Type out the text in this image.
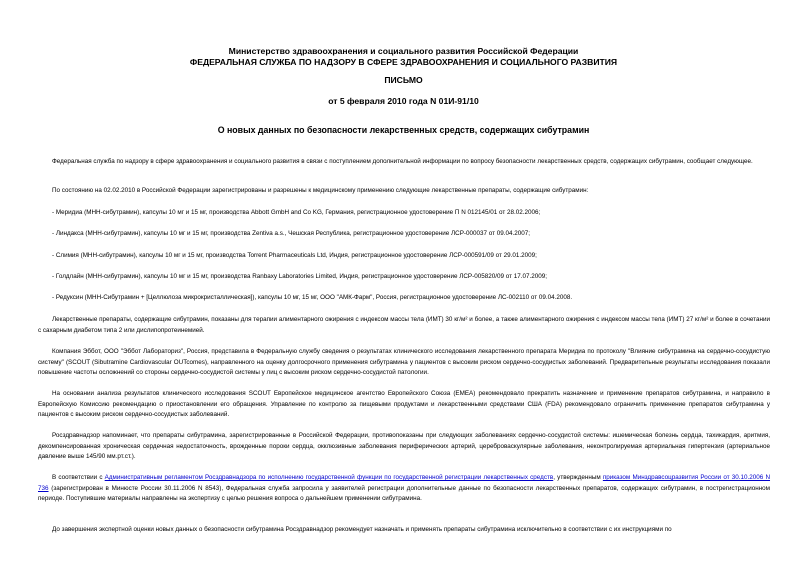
Министерство здравоохранения и социального развития Российской Федерации
ФЕДЕРАЛЬНАЯ СЛУЖБА ПО НАДЗОРУ В СФЕРЕ ЗДРАВООХРАНЕНИЯ И СОЦИАЛЬНОГО РАЗВИТИЯ
ПИСЬМО
от 5 февраля 2010 года N 01И-91/10
О новых данных по безопасности лекарственных средств, содержащих сибутрамин
Федеральная служба по надзору в сфере здравоохранения и социального развития в связи с поступлением дополнительной информации по вопросу безопасности лекарственных средств, содержащих сибутрамин, сообщает следующее.
По состоянию на 02.02.2010 в Российской Федерации зарегистрированы и разрешены к медицинскому применению следующие лекарственные препараты, содержащие сибутрамин:
- Меридиа (МНН-сибутрамин), капсулы 10 мг и 15 мг, производства Abbott GmbH and Co KG, Германия, регистрационное удостоверение П N 012145/01 от 28.02.2006;
- Линдакса (МНН-сибутрамин), капсулы 10 мг и 15 мг, производства Zentiva a.s., Чешская Республика, регистрационное удостоверение ЛСР-000037 от 09.04.2007;
- Слимия (МНН-сибутрамин), капсулы 10 мг и 15 мг, производства Torrent Pharmaceuticals Ltd, Индия, регистрационное удостоверение ЛСР-000591/09 от 29.01.2009;
- Голдлайн (МНН-сибутрамин), капсулы 10 мг и 15 мг, производства Ranbaxy Laboratories Limited, Индия, регистрационное удостоверение ЛСР-005820/09 от 17.07.2009;
- Редуксин (МНН-Сибутрамин + [Целлюлоза микрокристаллическая]), капсулы 10 мг, 15 мг, ООО "АМК-Фарм", Россия, регистрационное удостоверение ЛС-002110 от 09.04.2008.
Лекарственные препараты, содержащие сибутрамин, показаны для терапии алиментарного ожирения с индексом массы тела (ИМТ) 30 кг/м² и более, а также алиментарного ожирения с индексом массы тела (ИМТ) 27 кг/м² и более в сочетании с сахарным диабетом типа 2 или дислипопротеинемией.
Компания Эббот, ООО "Эббот Лабораториз", Россия, представила в Федеральную службу сведения о результатах клинического исследования лекарственного препарата Меридиа по протоколу "Влияние сибутрамина на сердечно-сосудистую систему" (SCOUT (Sibutramine Cardiovascular OUTcomes), направленного на оценку долгосрочного применения сибутрамина у пациентов с высоким риском сердечно-сосудистых заболеваний. Предварительные результаты исследования показали повышение частоты осложнений со стороны сердечно-сосудистой системы у лиц с высоким риском сердечно-сосудистой патологии.
На основании анализа результатов клинического исследования SCOUT Европейское медицинское агентство Европейского Союза (ЕМЕА) рекомендовало прекратить назначение и применение препаратов сибутрамина, и направило в Европейскую Комиссию рекомендацию о приостановлении его обращения. Управление по контролю за пищевыми продуктами и лекарственными средствами США (FDA) рекомендовало ограничить применение препаратов сибутрамина у пациентов с высоким риском сердечно-сосудистых заболеваний.
Росздравнадзор напоминает, что препараты сибутрамина, зарегистрированные в Российской Федерации, противопоказаны при следующих заболеваниях сердечно-сосудистой системы: ишемическая болезнь сердца, тахикардия, аритмия, декомпенсированная хроническая сердечная недостаточность, врожденные пороки сердца, окклюзивные заболевания периферических артерий, цереброваскулярные заболевания, неконтролируемая артериальная гипертензия (артериальное давление выше 145/90 мм.рт.ст.).
В соответствии с Административным регламентом Росздравнадзора по исполнению государственной функции по государственной регистрации лекарственных средств, утвержденным приказом Минздравсоцразвития России от 30.10.2006 N 736 (зарегистрирован в Минюсте России 30.11.2006 N 8543), Федеральная служба запросила у заявителей регистрации дополнительные данные по безопасности лекарственных препаратов, содержащих сибутрамин, в пострегистрационном периоде. Поступившие материалы направлены на экспертизу с целью решения вопроса о дальнейшем применении сибутрамина.
До завершения экспертной оценки новых данных о безопасности сибутрамина Росздравнадзор рекомендует назначать и применять препараты сибутрамина исключительно в соответствии с их инструкциями по
